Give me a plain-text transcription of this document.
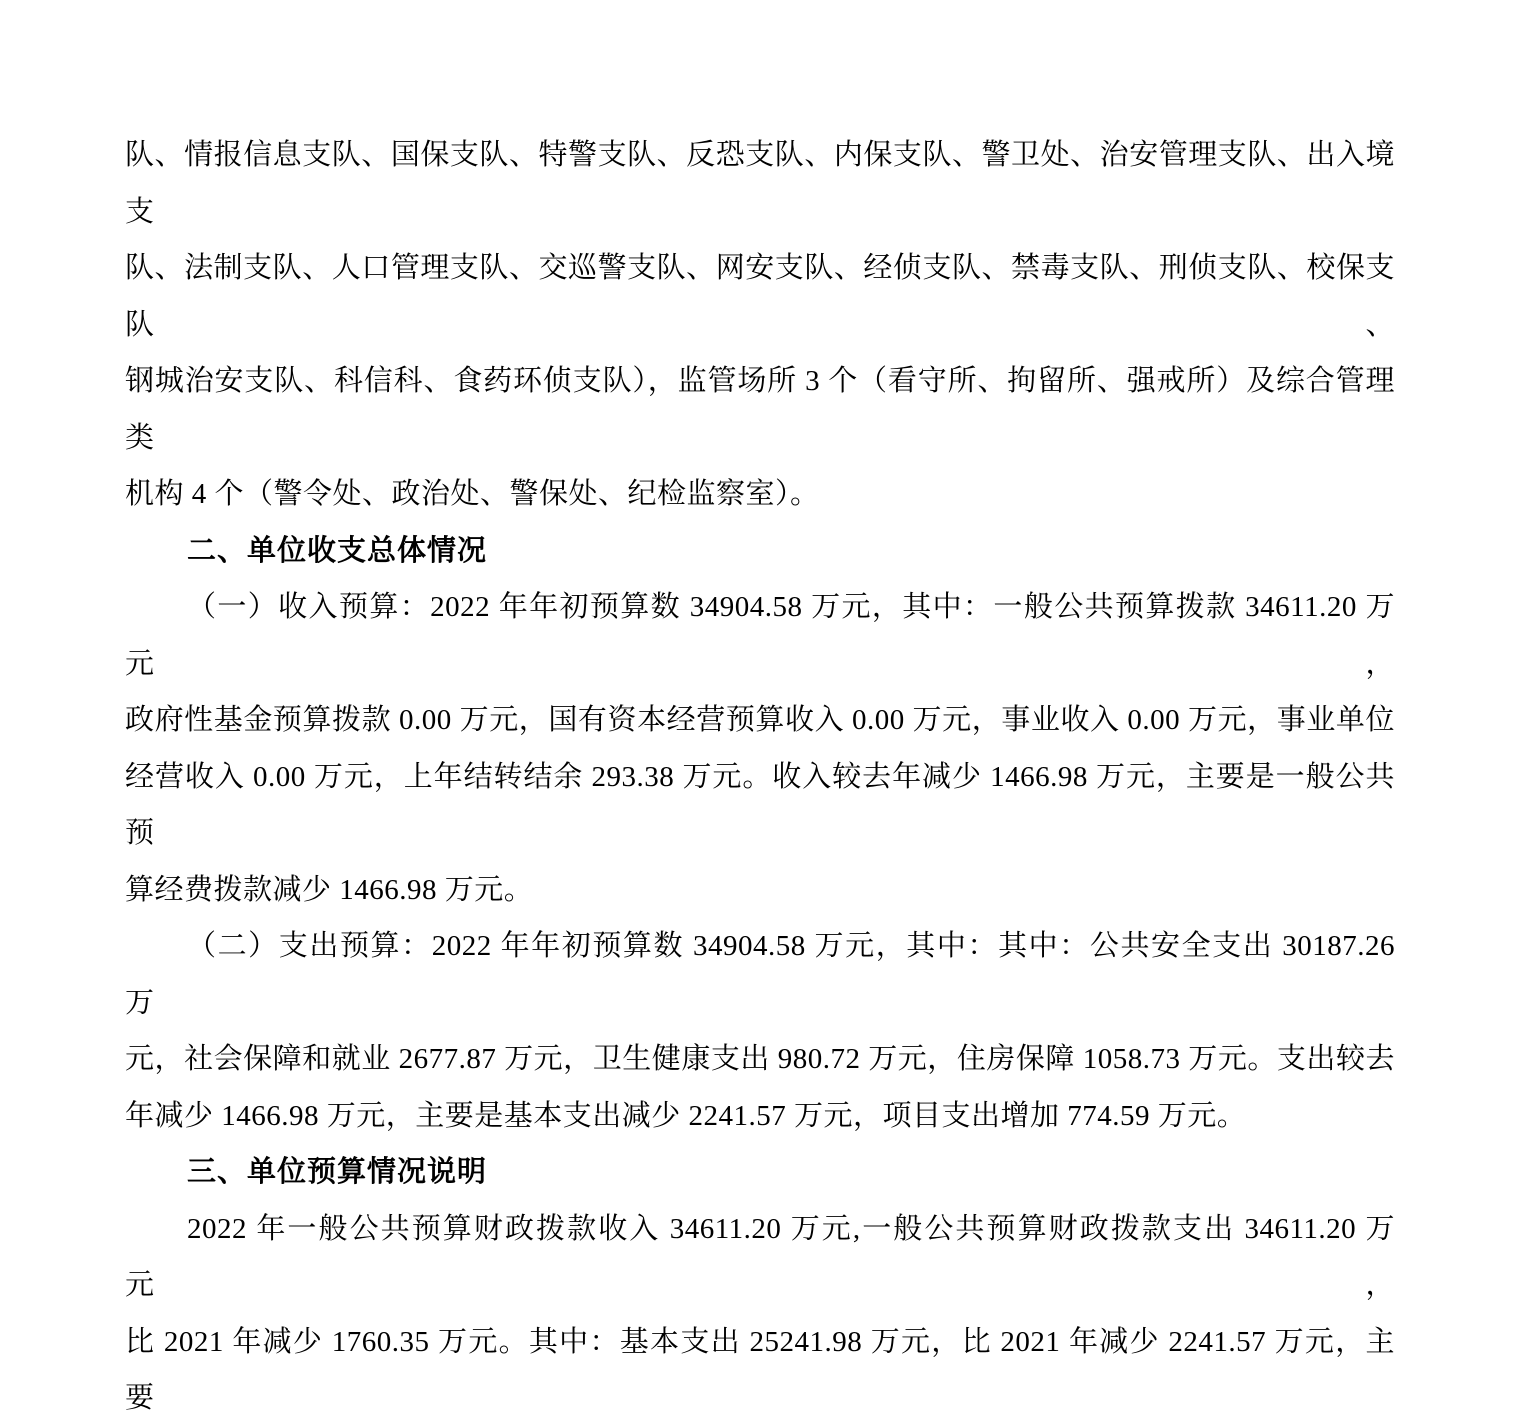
队、情报信息支队、国保支队、特警支队、反恐支队、内保支队、警卫处、治安管理支队、出入境支
队、法制支队、人口管理支队、交巡警支队、网安支队、经侦支队、禁毒支队、刑侦支队、校保支队、
钢城治安支队、科信科、食药环侦支队），监管场所 3 个（看守所、拘留所、强戒所）及综合管理类
机构 4 个（警令处、政治处、警保处、纪检监察室）。
二、单位收支总体情况
（一）收入预算：2022 年年初预算数 34904.58 万元，其中：一般公共预算拨款 34611.20 万元，
政府性基金预算拨款 0.00 万元，国有资本经营预算收入 0.00 万元，事业收入 0.00 万元，事业单位
经营收入 0.00 万元，上年结转结余 293.38 万元。收入较去年减少 1466.98 万元，主要是一般公共预
算经费拨款减少 1466.98 万元。
（二）支出预算：2022 年年初预算数 34904.58 万元，其中：其中：公共安全支出 30187.26 万
元，社会保障和就业 2677.87 万元，卫生健康支出 980.72 万元，住房保障 1058.73 万元。支出较去
年减少 1466.98 万元，主要是基本支出减少 2241.57 万元，项目支出增加 774.59 万元。
三、单位预算情况说明
2022 年一般公共预算财政拨款收入 34611.20 万元,一般公共预算财政拨款支出 34611.20 万元，
比 2021 年减少 1760.35 万元。其中：基本支出 25241.98 万元，比 2021 年减少 2241.57 万元，主要
